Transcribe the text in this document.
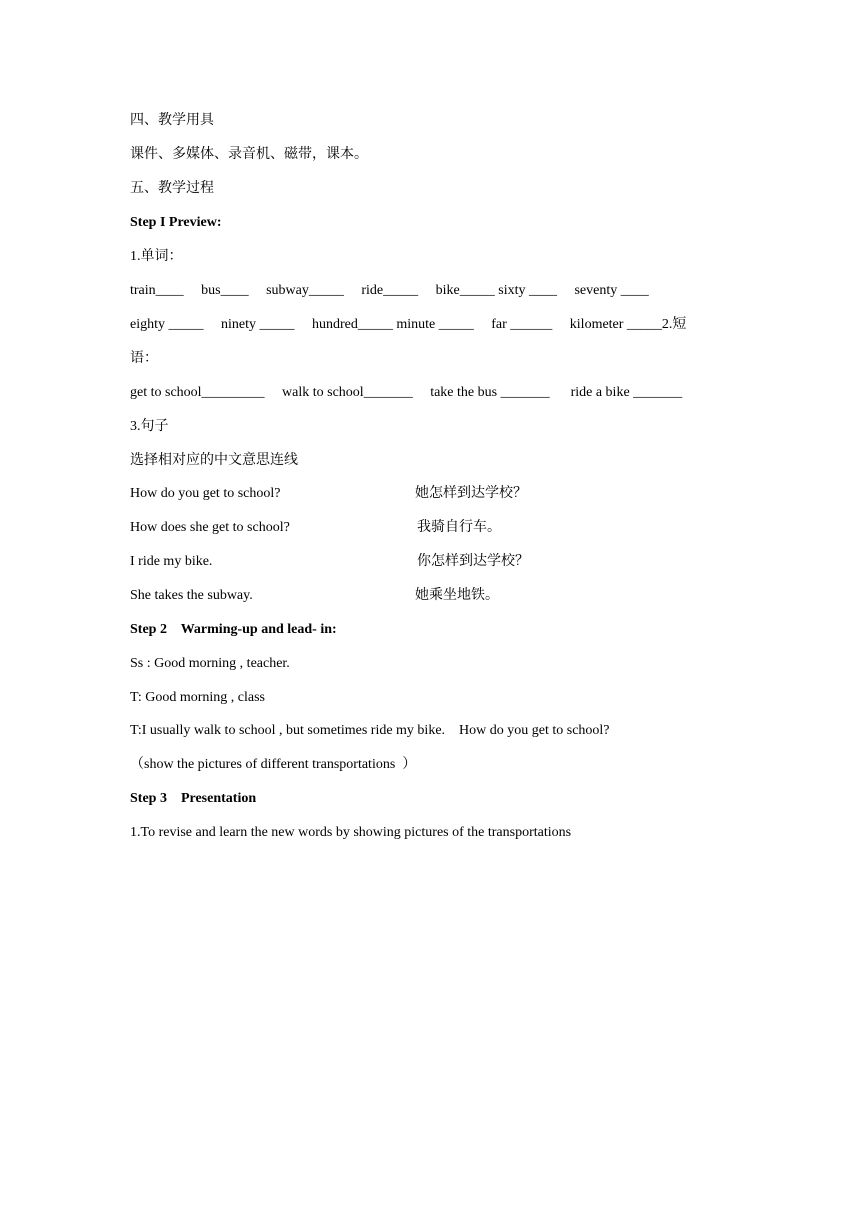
四、教学用具
课件、多媒体、录音机、磁带，课本。
五、教学过程
Step I Preview:
1.单词：
train____     bus____     subway_____     ride_____     bike_____ sixty ____     seventy ____
eighty _____     ninety _____     hundred_____ minute _____     far ______     kilometer _____2.短
语：
get to school_________     walk to school_______     take the bus _______      ride a bike _______
3.句子
选择相对应的中文意思连线
How do you get to school?	她怎样到达学校？
How does she get to school?	我骑自行车。
I ride my bike.	你怎样到达学校？
She takes the subway.	她乘坐地铁。
Step 2    Warming-up and lead- in:
Ss : Good morning , teacher.
T: Good morning , class
T:I usually walk to school , but sometimes ride my bike.    How do you get to school?
（show the pictures of different transportations  ）
Step 3    Presentation
1.To revise and learn the new words by showing pictures of the transportations
